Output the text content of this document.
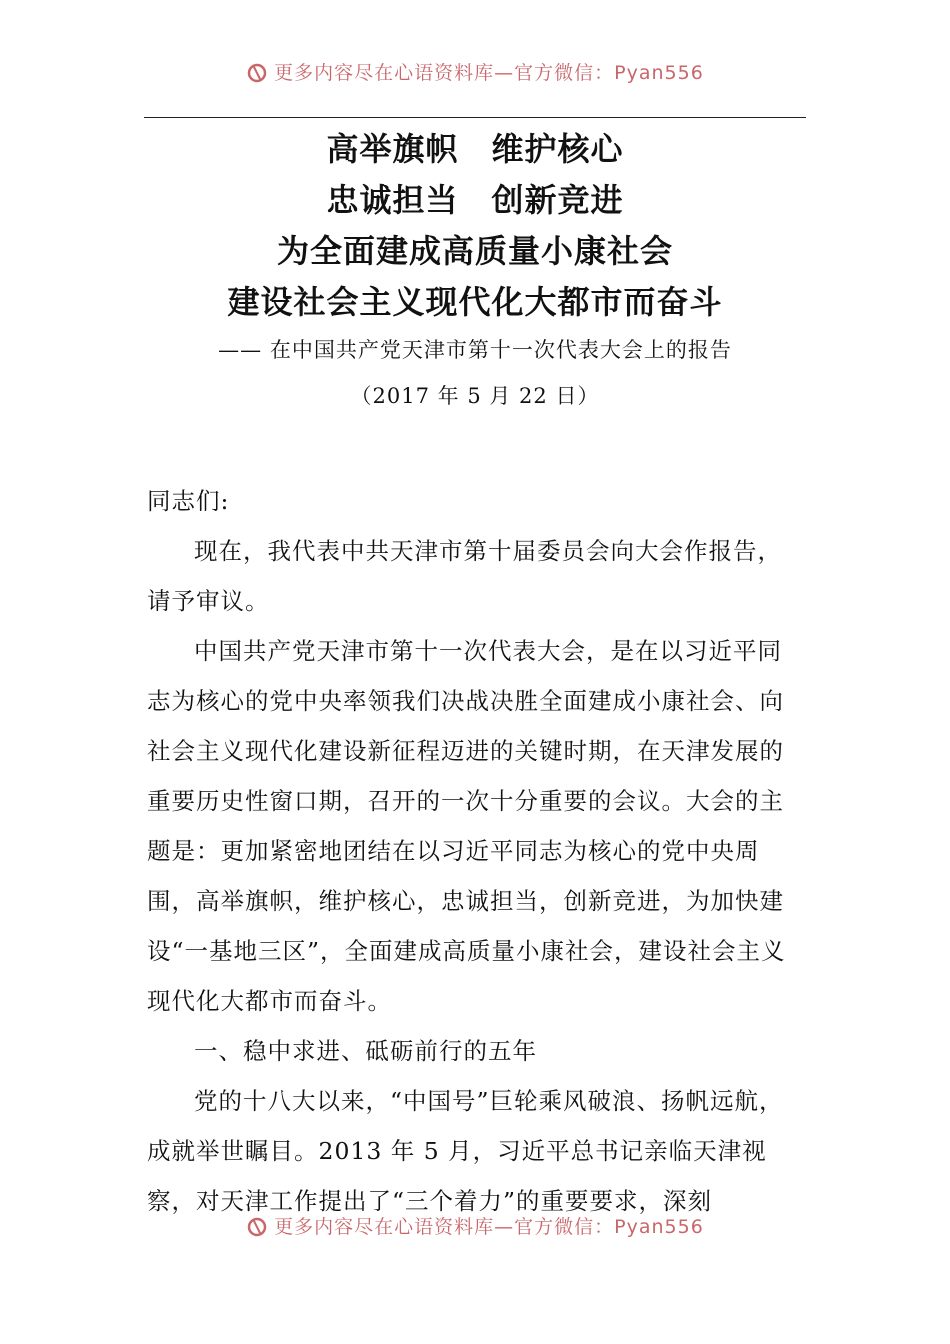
更多内容尽在心语资料库—官方微信：Pyan556

高举旗帜　维护核心

忠诚担当　创新竞进

为全面建成高质量小康社会

建设社会主义现代化大都市而奋斗

—— 在中国共产党天津市第十一次代表大会上的报告
（2017 年 5 月 22 日）

同志们:

现在，我代表中共天津市第十届委员会向大会作报告，请予审议。

中国共产党天津市第十一次代表大会，是在以习近平同志为核心的党中央率领我们决战决胜全面建成小康社会、向社会主义现代化建设新征程迈进的关键时期，在天津发展的重要历史性窗口期，召开的一次十分重要的会议。大会的主题是：更加紧密地团结在以习近平同志为核心的党中央周围，高举旗帜，维护核心，忠诚担当，创新竞进，为加快建设“一基地三区”，全面建成高质量小康社会，建设社会主义现代化大都市而奋斗。

一、稳中求进、砥砺前行的五年

党的十八大以来，“中国号”巨轮乘风破浪、扬帆远航，成就举世瞩目。2013 年 5 月，习近平总书记亲临天津视察，对天津工作提出了“三个着力”的重要要求，深刻

更多内容尽在心语资料库—官方微信：Pyan556
